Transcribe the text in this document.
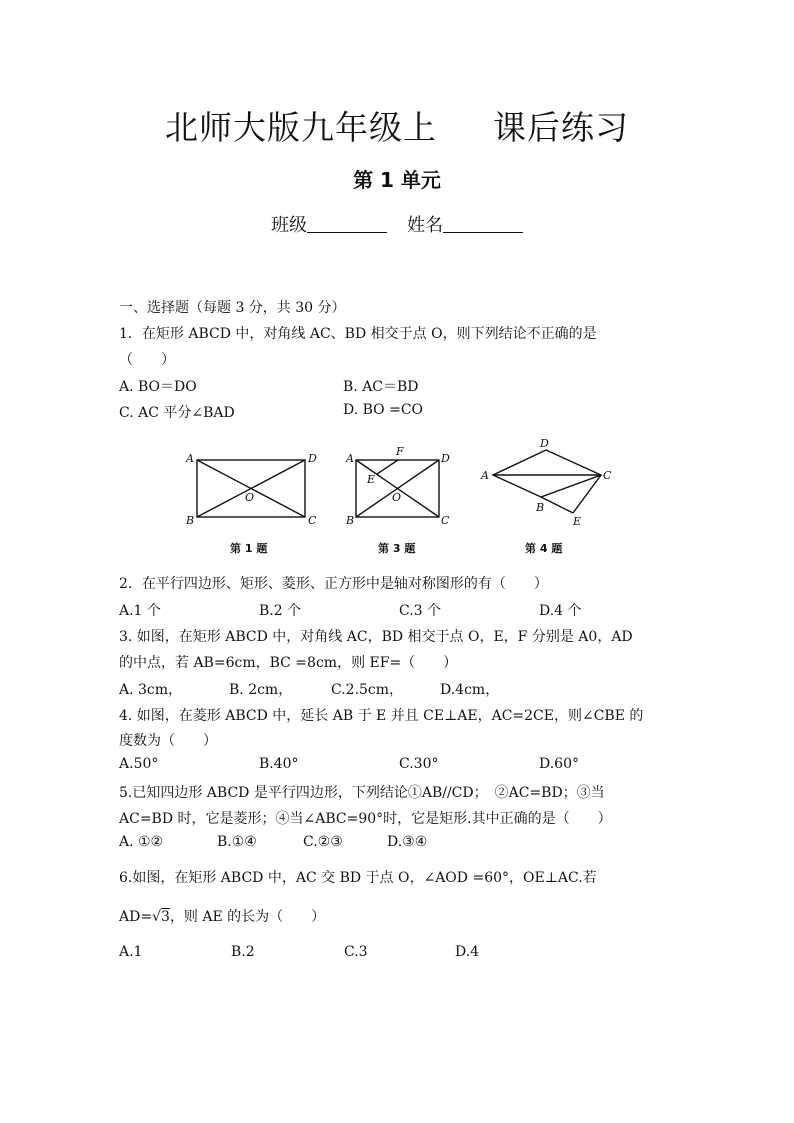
北师大版九年级上 课后练习
第 1 单元
班级	姓名
一、选择题（每题 3 分，共 30 分）
1．在矩形 ABCD 中，对角线 AC、BD 相交于点 O，则下列结论不正确的是
（　　）
A. BO＝DO	B. AC＝BD
C. AC 平分∠BAD	D. BO =CO
A	D
B	C
O
A	D
B	C
O
E
F
A
D
C
B
E
第 1 题	第 3 题	第 4 题
2．在平行四边形、矩形、菱形、正方形中是轴对称图形的有（　　）
A.1 个	B.2 个	C.3 个	D.4 个
3. 如图，在矩形 ABCD 中，对角线 AC，BD 相交于点 O，E，F 分别是 A0，AD
的中点，若 AB=6cm，BC =8cm，则 EF=（　　）
A. 3cm，	B. 2cm，	C.2.5cm，	D.4cm，
4. 如图，在菱形 ABCD 中，延长 AB 于 E 并且 CE⊥AE，AC=2CE，则∠CBE 的
度数为（　　）
A.50°	B.40°	C.30°	D.60°
5.已知四边形 ABCD 是平行四边形，下列结论①AB//CD；　②AC=BD；③当
AC=BD 时，它是菱形；④当∠ABC=90°时，它是矩形.其中正确的是（　　）
A. ①②	B.①④	C.②③	D.③④
6.如图，在矩形 ABCD 中，AC 交 BD 于点 O，∠AOD =60°，OE⊥AC.若
AD=√3，则 AE 的长为（　　）
A.1	B.2	C.3	D.4
